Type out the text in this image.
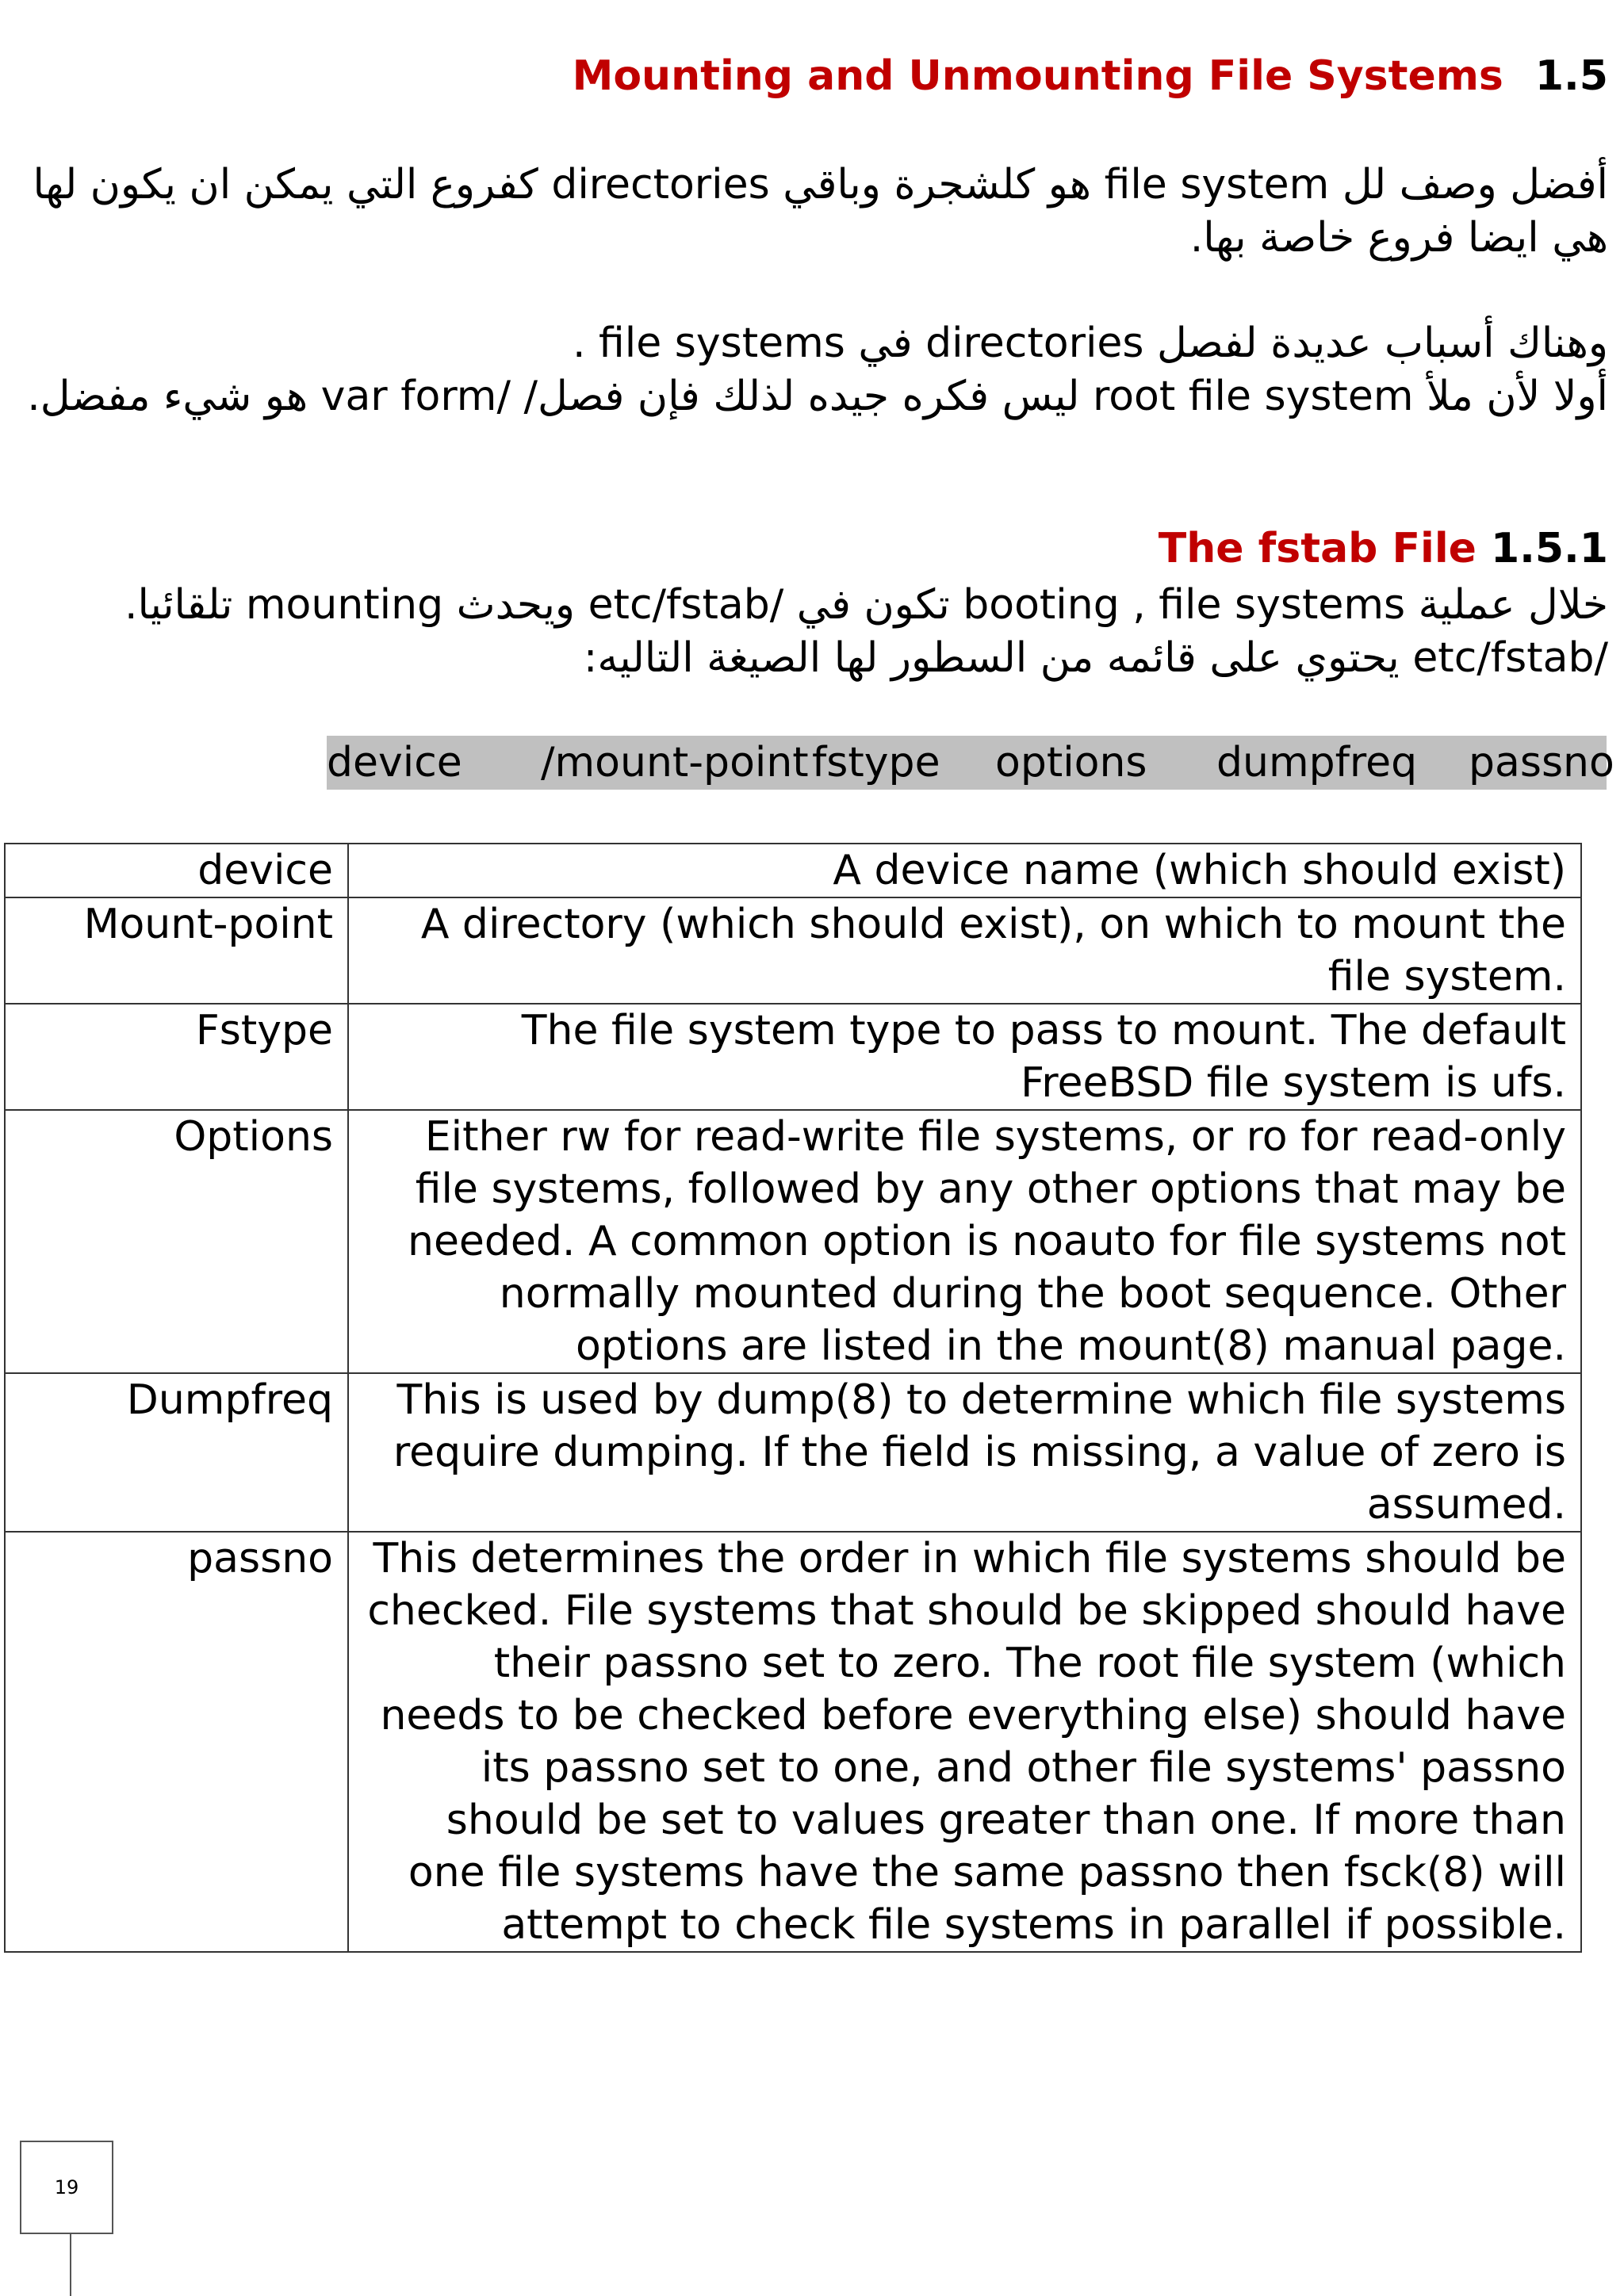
Mounting and Unmounting File Systems 1.5
أفضل وصف لل file system هو كلشجرة وباقي directories كفروع التي يمكن ان يكون لها هي ايضا فروع خاصة بها.
وهناك أسباب عديدة لفصل directories في file systems .
أولا لأن ملأ root file system ليس فكره جيده لذلك فإن فصل/ /var form هو شيء مفضل.
The fstab File 1.5.1
خلال عملية booting , file systems تكون في /etc/fstab ويحدث mounting تلقائيا.
/etc/fstab يحتوي على قائمه من السطور لها الصيغة التاليه:
device /mount-point fstype options dumpfreq passno
device	A device name (which should exist)
Mount-point	A directory (which should exist), on which to mount the file system.
Fstype	The file system type to pass to mount. The default FreeBSD file system is ufs.
Options	Either rw for read-write file systems, or ro for read-only file systems, followed by any other options that may be needed. A common option is noauto for file systems not normally mounted during the boot sequence. Other options are listed in the mount(8) manual page.
Dumpfreq	This is used by dump(8) to determine which file systems require dumping. If the field is missing, a value of zero is assumed.
passno	This determines the order in which file systems should be checked. File systems that should be skipped should have their passno set to zero. The root file system (which needs to be checked before everything else) should have its passno set to one, and other file systems' passno should be set to values greater than one. If more than one file systems have the same passno then fsck(8) will attempt to check file systems in parallel if possible.
19
